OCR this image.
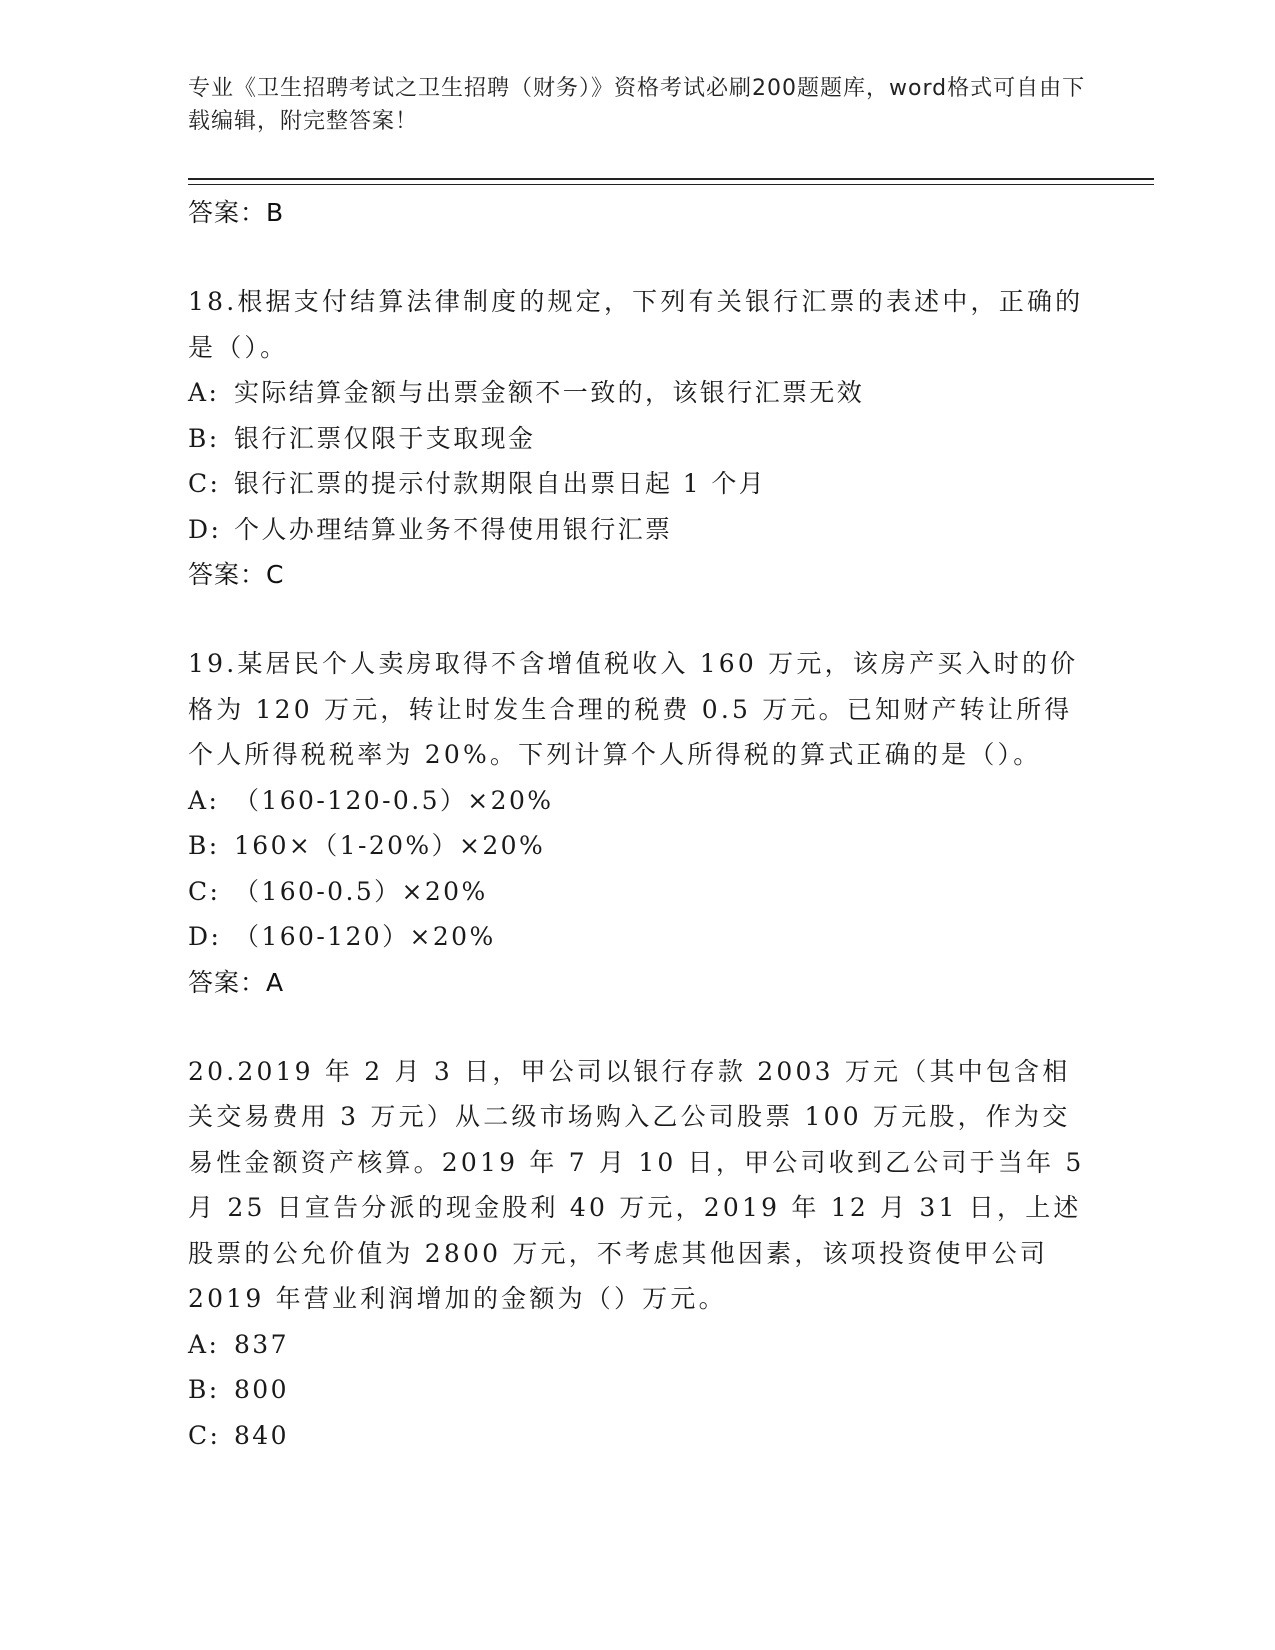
专业《卫生招聘考试之卫生招聘（财务）》资格考试必刷200题题库，word格式可自由下载编辑，附完整答案！
答案：B
18.根据支付结算法律制度的规定，下列有关银行汇票的表述中，正确的是（）。
A: 实际结算金额与出票金额不一致的，该银行汇票无效
B: 银行汇票仅限于支取现金
C: 银行汇票的提示付款期限自出票日起 1 个月
D: 个人办理结算业务不得使用银行汇票
答案：C
19.某居民个人卖房取得不含增值税收入 160 万元，该房产买入时的价格为 120 万元，转让时发生合理的税费 0.5 万元。已知财产转让所得个人所得税税率为 20%。下列计算个人所得税的算式正确的是（）。
A: （160-120-0.5）×20%
B: 160×（1-20%）×20%
C: （160-0.5）×20%
D: （160-120）×20%
答案：A
20.2019 年 2 月 3 日，甲公司以银行存款 2003 万元（其中包含相关交易费用 3 万元）从二级市场购入乙公司股票 100 万元股，作为交易性金额资产核算。2019 年 7 月 10 日，甲公司收到乙公司于当年 5 月 25 日宣告分派的现金股利 40 万元，2019 年 12 月 31 日，上述股票的公允价值为 2800 万元，不考虑其他因素，该项投资使甲公司 2019 年营业利润增加的金额为（）万元。
A: 837
B: 800
C: 840
